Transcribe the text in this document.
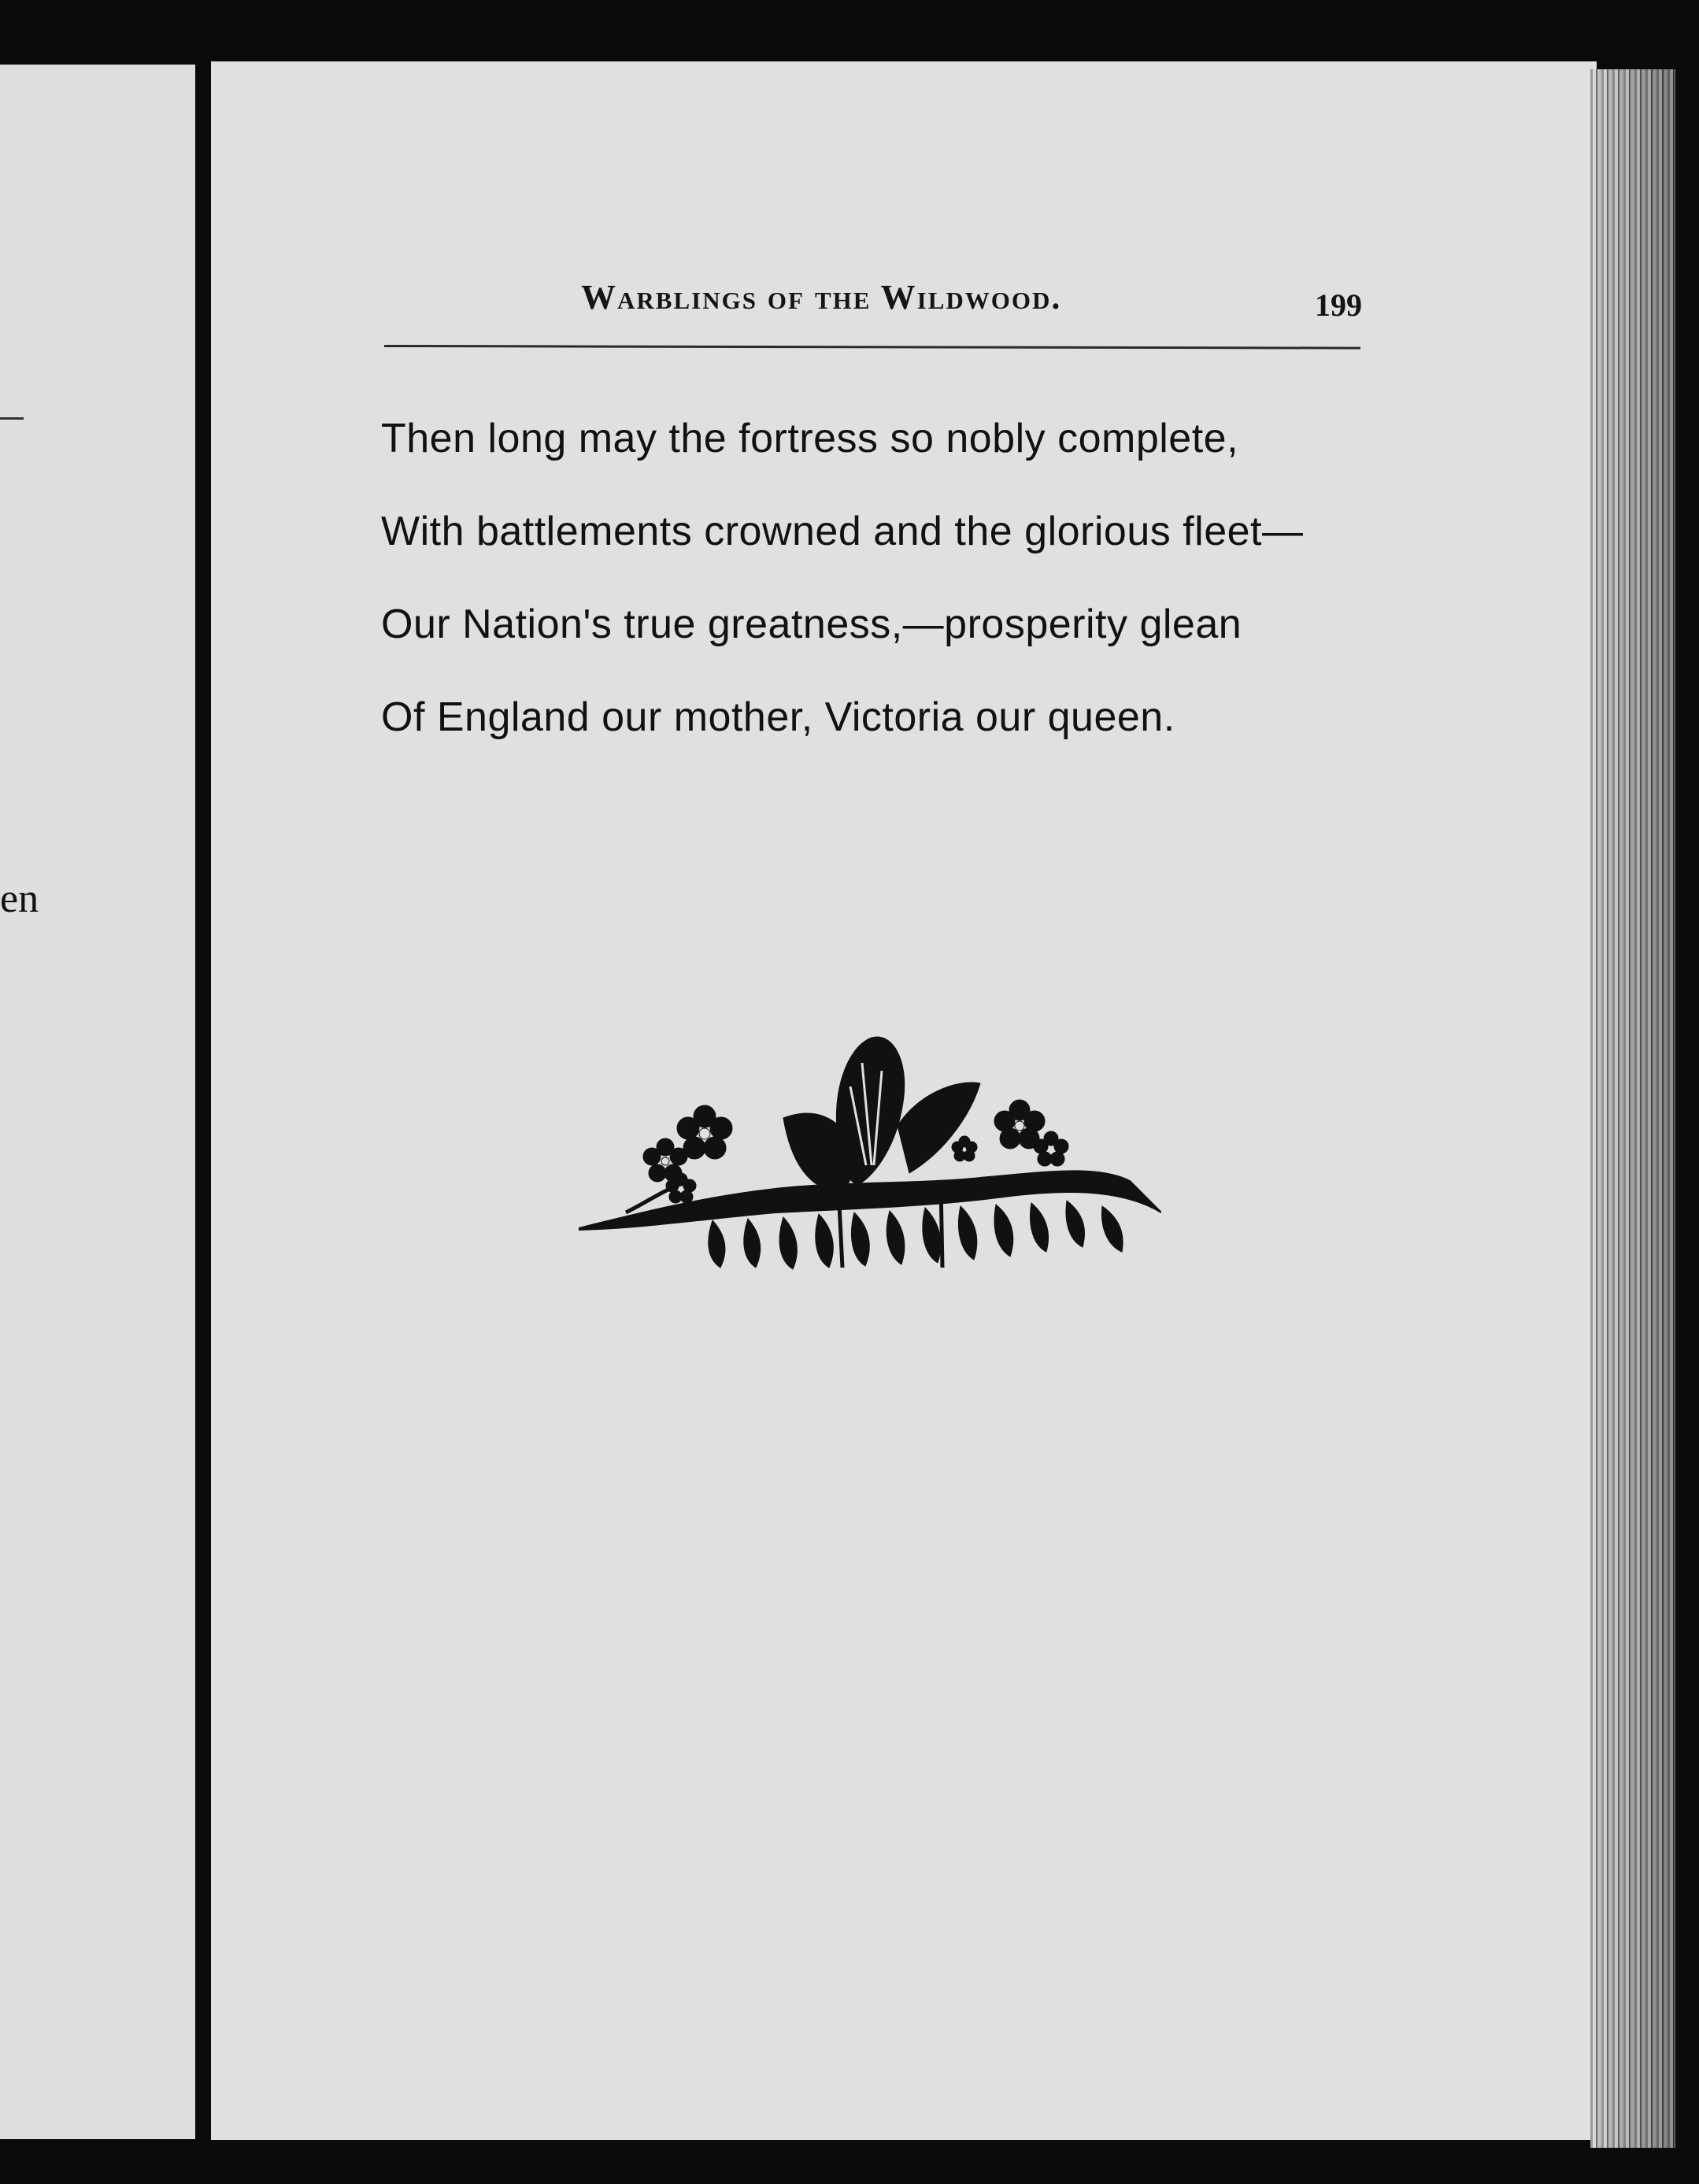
en
Warblings of the Wildwood.	199
Then long may the fortress so nobly complete,
With battlements crowned and the glorious fleet—
Our Nation's true greatness,—prosperity glean
Of England our mother, Victoria our queen.
